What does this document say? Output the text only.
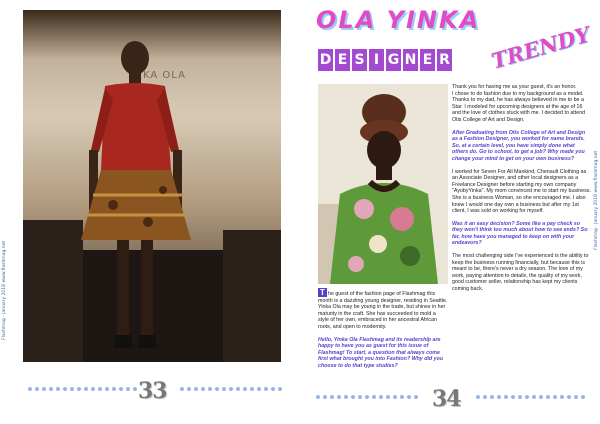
KA OLA
Flashmag · January 2018 www.flashmag.net
33
OLA YINKA
D E S I G N E R TRENDY

Thank you for having me as your guest, it's an honor.
I chose to do fashion due to my background as a model. Thanks to my dad, he has always believed in me to be a Star. I modeled for upcoming designers at the age of 16 and the love of clothes stuck with me. I decided to attend Otis College of Art and Design.

After Graduating from Otis College of Art and Design as a Fashion Designer, you worked for name brands. So, at a certain level, you have simply done what others do. Go to school, to get a job? Why made you change your mind to get on your own business?

I worked for Seven For All Mankind, Chenault Clothing as an Associate Designer, and other local designers as a Freelance Designer before starting my own company "AyobyYinka". My mom convinced me to start my business. She is a business Woman, so she encouraged me. I also knew I would one day own a business but after my 1st client, I was sold on working for myself.

Was it an easy decision? Some like a pay check so they won't think too much about how to see ends? So far, how have you managed to keep on with your endeavors?

The most challenging side I've experienced is the ability to keep the business running financially, but because this is meant to be, there's never a dry season. The love of my work, paying attention to details, the quality of my work, good customer seller, relationship has kept my clients coming back.

T he guest of the fashion page of Flashmag this month is a dazzling young designer, residing in Seattle. Yinka Ola may be young in the trade, but shines in her maturity in the craft. She has succeeded to mold a style of her own, embraced in her ancestral African roots, and open to modernity.

Hello, Yinka Ola Flashmag and its readership are happy to have you as guest for this issue of Flashmag! To start, a question that always come first what brought you into Fashion? Why did you choose to do that type studies?

Flashmag · January 2018 www.flashmag.net
34
